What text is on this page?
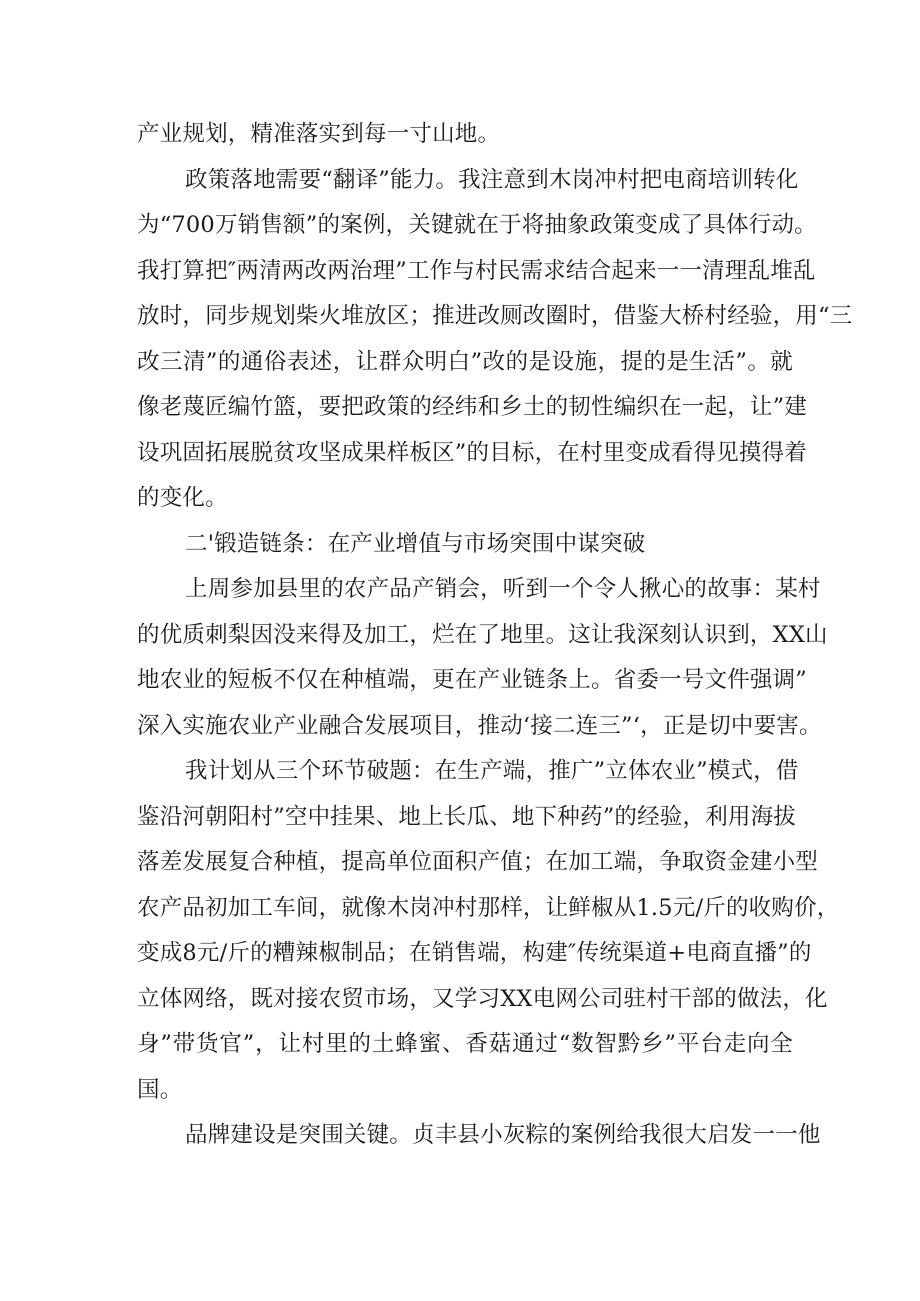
产业规划，精准落实到每一寸山地。

政策落地需要“翻译”能力。我注意到木岗冲村把电商培训转化
为“700万销售额”的案例，关键就在于将抽象政策变成了具体行动。
我打算把″两清两改两治理”工作与村民需求结合起来一一清理乱堆乱
放时，同步规划柴火堆放区；推进改厕改圈时，借鉴大桥村经验，用“三
改三清”的通俗表述，让群众明白”改的是设施，提的是生活”。就
像老蔑匠编竹篮，要把政策的经纬和乡土的韧性编织在一起，让”建
设巩固拓展脱贫攻坚成果样板区”的目标，在村里变成看得见摸得着
的变化。

二'锻造链条：在产业增值与市场突围中谋突破

上周参加县里的农产品产销会，听到一个令人揪心的故事：某村
的优质刺梨因没来得及加工，烂在了地里。这让我深刻认识到，XX山
地农业的短板不仅在种植端，更在产业链条上。省委一号文件强调”
深入实施农业产业融合发展项目，推动‘接二连三”‘，正是切中要害。

我计划从三个环节破题：在生产端，推广”立体农业”模式，借
鉴沿河朝阳村”空中挂果、地上长瓜、地下种药”的经验，利用海拔
落差发展复合种植，提高单位面积产值；在加工端，争取资金建小型
农产品初加工车间，就像木岗冲村那样，让鲜椒从1.5元/斤的收购价，
变成8元/斤的糟辣椒制品；在销售端，构建″传统渠道+电商直播”的
立体网络，既对接农贸市场，又学习XX电网公司驻村干部的做法，化
身”带货官”，让村里的土蜂蜜、香菇通过“数智黔乡”平台走向全
国。

品牌建设是突围关键。贞丰县小灰粽的案例给我很大启发一一他
